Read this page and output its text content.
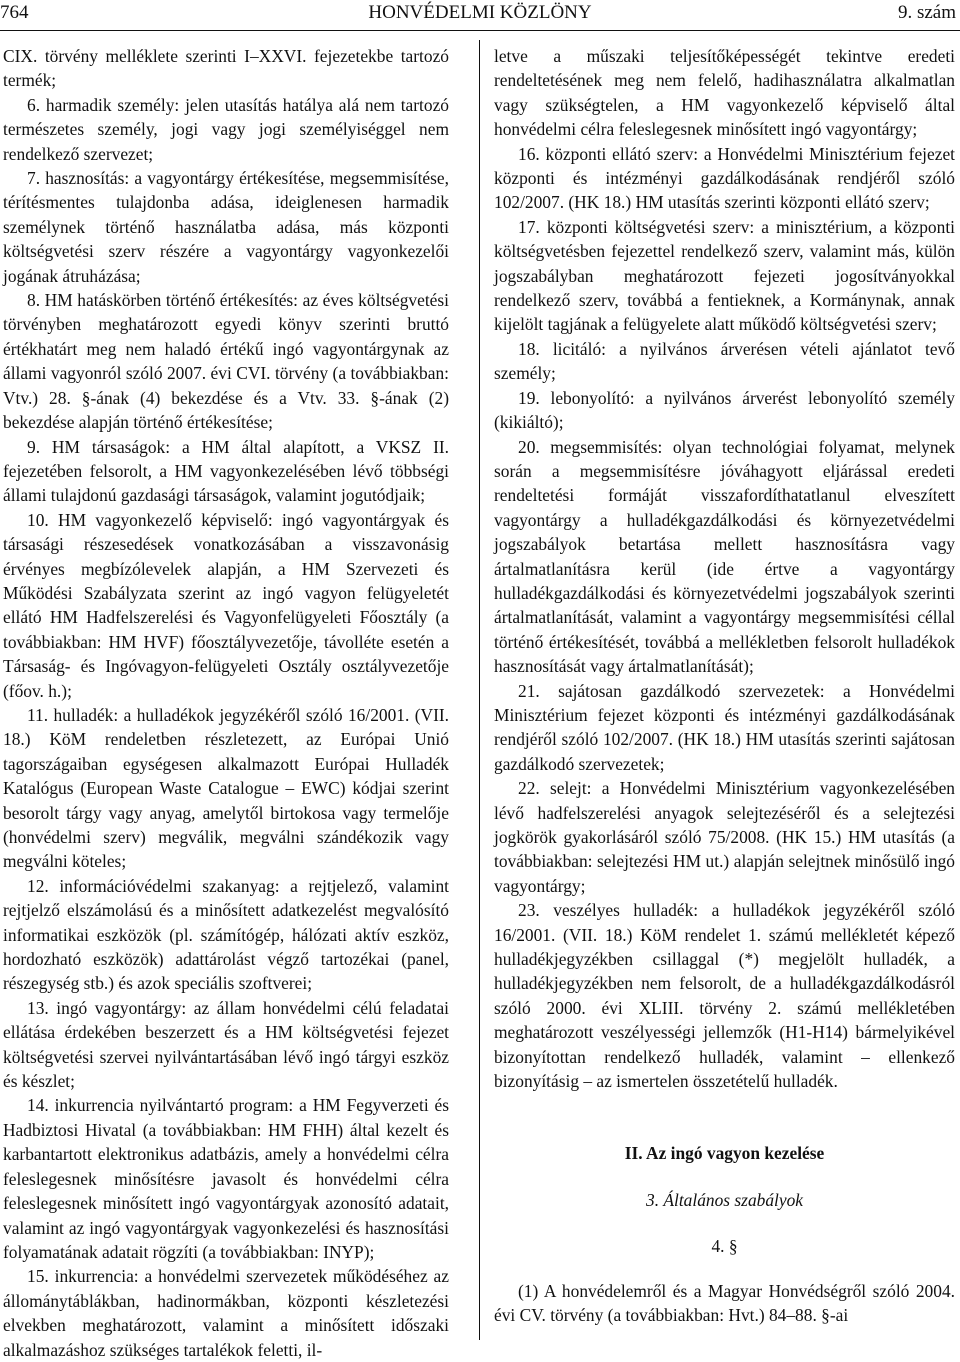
764	HONVÉDELMI KÖZLÖNY	9. szám

CIX. törvény melléklete szerinti I–XXVI. fejezetekbe tartozó termék;

6. harmadik személy: jelen utasítás hatálya alá nem tartozó természetes személy, jogi vagy jogi személyiséggel nem rendelkező szervezet;

7. hasznosítás: a vagyontárgy értékesítése, megsemmisítése, térítésmentes tulajdonba adása, ideiglenesen harmadik személynek történő használatba adása, más központi költségvetési szerv részére a vagyontárgy vagyonkezelői jogának átruházása;

8. HM hatáskörben történő értékesítés: az éves költségvetési törvényben meghatározott egyedi könyv szerinti bruttó értékhatárt meg nem haladó értékű ingó vagyontárgynak az állami vagyonról szóló 2007. évi CVI. törvény (a továbbiakban: Vtv.) 28. §-ának (4) bekezdése és a Vtv. 33. §-ának (2) bekezdése alapján történő értékesítése;

9. HM társaságok: a HM által alapított, a VKSZ II. fejezetében felsorolt, a HM vagyonkezelésében lévő többségi állami tulajdonú gazdasági társaságok, valamint jogutódjaik;

10. HM vagyonkezelő képviselő: ingó vagyontárgyak és társasági részesedések vonatkozásában a visszavonásig érvényes megbízólevelek alapján, a HM Szervezeti és Működési Szabályzata szerint az ingó vagyon felügyeletét ellátó HM Hadfelszerelési és Vagyonfelügyeleti Főosztály (a továbbiakban: HM HVF) főosztályvezetője, távolléte esetén a Társaság- és Ingóvagyon-felügyeleti Osztály osztályvezetője (főov. h.);

11. hulladék: a hulladékok jegyzékéről szóló 16/2001. (VII. 18.) KöM rendeletben részletezett, az Európai Unió tagországaiban egységesen alkalmazott Európai Hulladék Katalógus (European Waste Catalogue – EWC) kódjai szerint besorolt tárgy vagy anyag, amelytől birtokosa vagy termelője (honvédelmi szerv) megválik, megválni szándékozik vagy megválni köteles;

12. információvédelmi szakanyag: a rejtjelező, valamint rejtjelző elszámolású és a minősített adatkezelést megvalósító informatikai eszközök (pl. számítógép, hálózati aktív eszköz, hordozható eszközök) adattárolást végző tartozékai (panel, részegység stb.) és azok speciális szoftverei;

13. ingó vagyontárgy: az állam honvédelmi célú feladatai ellátása érdekében beszerzett és a HM költségvetési fejezet költségvetési szervei nyilvántartásában lévő ingó tárgyi eszköz és készlet;

14. inkurrencia nyilvántartó program: a HM Fegyverzeti és Hadbiztosi Hivatal (a továbbiakban: HM FHH) által kezelt és karbantartott elektronikus adatbázis, amely a honvédelmi célra feleslegesnek minősítésre javasolt és honvédelmi célra feleslegesnek minősített ingó vagyontárgyak azonosító adatait, valamint az ingó vagyontárgyak vagyonkezelési és hasznosítási folyamatának adatait rögzíti (a továbbiakban: INYP);

15. inkurrencia: a honvédelmi szervezetek működéséhez az állománytáblákban, hadinormákban, központi készletezési elvekben meghatározott, valamint a minősített időszaki alkalmazáshoz szükséges tartalékok feletti, il-

letve a műszaki teljesítőképességét tekintve eredeti rendeltetésének meg nem felelő, hadihasználatra alkalmatlan vagy szükségtelen, a HM vagyonkezelő képviselő által honvédelmi célra feleslegesnek minősített ingó vagyontárgy;

16. központi ellátó szerv: a Honvédelmi Minisztérium fejezet központi és intézményi gazdálkodásának rendjéről szóló 102/2007. (HK 18.) HM utasítás szerinti központi ellátó szerv;

17. központi költségvetési szerv: a minisztérium, a központi költségvetésben fejezettel rendelkező szerv, valamint más, külön jogszabályban meghatározott fejezeti jogosítványokkal rendelkező szerv, továbbá a fentieknek, a Kormánynak, annak kijelölt tagjának a felügyelete alatt működő költségvetési szerv;

18. licitáló: a nyilvános árverésen vételi ajánlatot tevő személy;

19. lebonyolító: a nyilvános árverést lebonyolító személy (kikiáltó);

20. megsemmisítés: olyan technológiai folyamat, melynek során a megsemmisítésre jóváhagyott eljárással eredeti rendeltetési formáját visszafordíthatatlanul elveszített vagyontárgy a hulladékgazdálkodási és környezetvédelmi jogszabályok betartása mellett hasznosításra vagy ártalmatlanításra kerül (ide értve a vagyontárgy hulladékgazdálkodási és környezetvédelmi jogszabályok szerinti ártalmatlanítását, valamint a vagyontárgy megsemmisítési céllal történő értékesítését, továbbá a mellékletben felsorolt hulladékok hasznosítását vagy ártalmatlanítását);

21. sajátosan gazdálkodó szervezetek: a Honvédelmi Minisztérium fejezet központi és intézményi gazdálkodásának rendjéről szóló 102/2007. (HK 18.) HM utasítás szerinti sajátosan gazdálkodó szervezetek;

22. selejt: a Honvédelmi Minisztérium vagyonkezelésében lévő hadfelszerelési anyagok selejtezéséről és a selejtezési jogkörök gyakorlásáról szóló 75/2008. (HK 15.) HM utasítás (a továbbiakban: selejtezési HM ut.) alapján selejtnek minősülő ingó vagyontárgy;

23. veszélyes hulladék: a hulladékok jegyzékéről szóló 16/2001. (VII. 18.) KöM rendelet 1. számú mellékletét képező hulladékjegyzékben csillaggal (*) megjelölt hulladék, a hulladékjegyzékben nem felsorolt, de a hulladékgazdálkodásról szóló 2000. évi XLIII. törvény 2. számú mellékletében meghatározott veszélyességi jellemzők (H1-H14) bármelyikével bizonyítottan rendelkező hulladék, valamint – ellenkező bizonyításig – az ismertelen összetételű hulladék.

II. Az ingó vagyon kezelése

3. Általános szabályok

4. §

(1) A honvédelemről és a Magyar Honvédségről szóló 2004. évi CV. törvény (a továbbiakban: Hvt.) 84–88. §-ai
